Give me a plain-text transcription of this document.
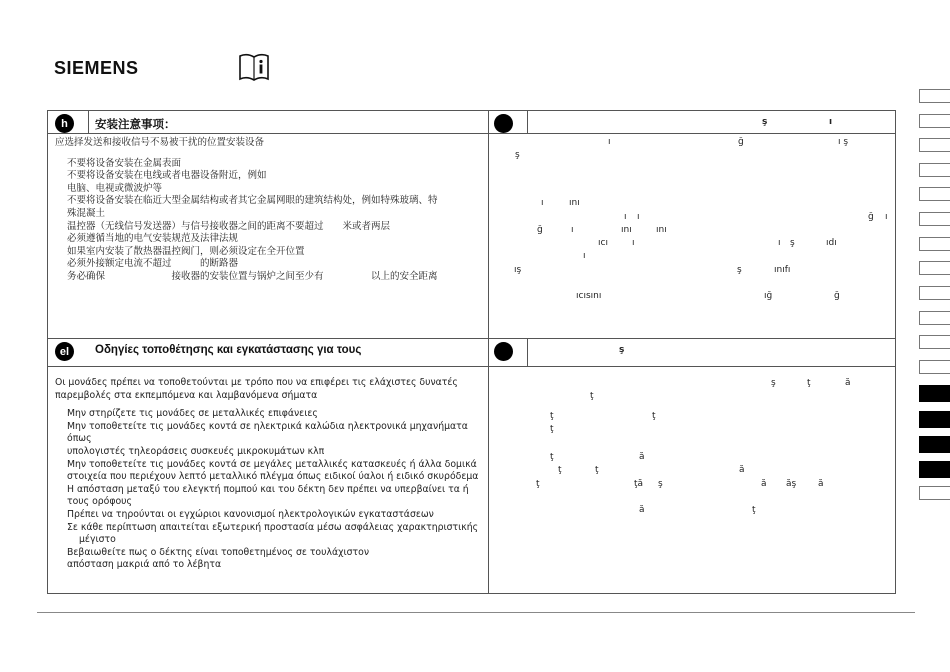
SIEMENS
h	安装注意事项：
应选择发送和接收信号不易被干扰的位置安装设备
不要将设备安装在金属表面
不要将设备安装在电线或者电器设备附近，例如
电脑、电视或微波炉等
不要将设备安装在临近大型金属结构或者其它金属网眼的建筑结构处，例如特殊玻璃、特
殊混凝土
温控器（无线信号发送器）与信号接收器之间的距离不要超过　　米或者两层
必须遵循当地的电气安装规范及法律法规
如果室内安装了散热器温控阀门，则必须设定在全开位置
必须外接额定电流不超过　　　的断路器
务必确保　　　　　　　接收器的安装位置与锅炉之间至少有　　　　　以上的安全距离
ş	ı
ı	ğ	ı ş
ş
ı	ını
ı ı	ğ ı
ğ	ı	ını	ını
ıcı	ı	ı ş	ıdı
ı
ış	ş	ınıfı
ıcısını	ığ	ğ
el	Οδηγίες τοποθέτησης και εγκατάστασης για τους
Οι μονάδες πρέπει να τοποθετούνται με τρόπο που να επιφέρει τις ελάχιστες δυνατές
παρεμβολές στα εκπεμπόμενα και λαμβανόμενα σήματα
Μην στηρίζετε τις μονάδες σε μεταλλικές επιφάνειες
Μην τοποθετείτε τις μονάδες κοντά σε ηλεκτρικά καλώδια ηλεκτρονικά μηχανήματα όπως
υπολογιστές τηλεοράσεις συσκευές μικροκυμάτων κλπ
Μην τοποθετείτε τις μονάδες κοντά σε μεγάλες μεταλλικές κατασκευές ή άλλα δομικά
στοιχεία που περιέχουν λεπτό μεταλλικό πλέγμα όπως ειδικοί ύαλοι ή ειδικό σκυρόδεμα
Η απόσταση μεταξύ του ελεγκτή πομπού και του δέκτη δεν πρέπει να υπερβαίνει τα ή
τους ορόφους
Πρέπει να τηρούνται οι εγχώριοι κανονισμοί ηλεκτρολογικών εγκαταστάσεων
Σε κάθε περίπτωση απαιτείται εξωτερική προστασία μέσω ασφάλειας χαρακτηριστικής
μέγιστο
Βεβαιωθείτε πως ο δέκτης είναι τοποθετημένος σε τουλάχιστον
απόσταση μακριά από το λέβητα
ş
ş	ţ	ă
ţ
ţ	ţ
ţ
ţ	ă
ţ	ţ	ă
ţ	ţă ş	ă ăş ă
ă	ţ
